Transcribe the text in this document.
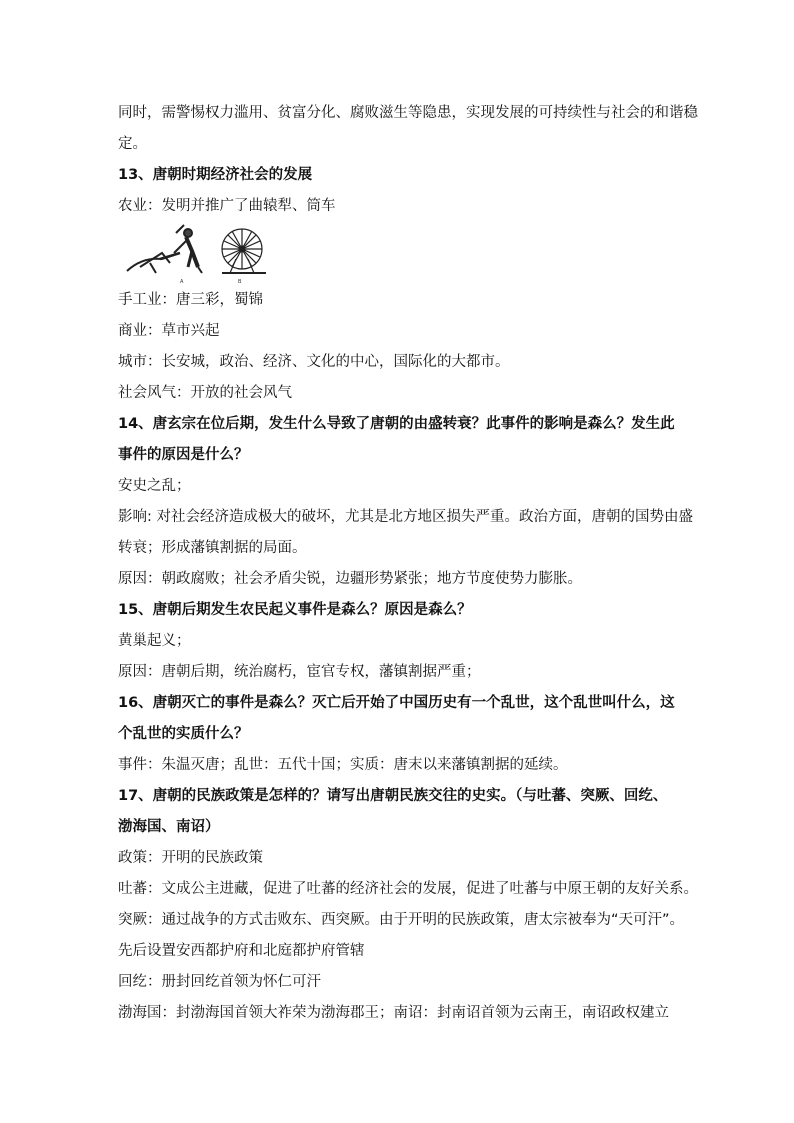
同时，需警惕权力滥用、贫富分化、腐败滋生等隐患，实现发展的可持续性与社会的和谐稳
定。
13、唐朝时期经济社会的发展
农业：发明并推广了曲辕犁、筒车
A	B
手工业：唐三彩，蜀锦
商业：草市兴起
城市：长安城，政治、经济、文化的中心，国际化的大都市。
社会风气：开放的社会风气
14、唐玄宗在位后期，发生什么导致了唐朝的由盛转衰？此事件的影响是森么？发生此
事件的原因是什么？
安史之乱；
影响: 对社会经济造成极大的破坏，尤其是北方地区损失严重。政治方面，唐朝的国势由盛
转衰；形成藩镇割据的局面。
原因：朝政腐败；社会矛盾尖锐，边疆形势紧张；地方节度使势力膨胀。
15、唐朝后期发生农民起义事件是森么？原因是森么？
黄巢起义；
原因：唐朝后期，统治腐朽，宦官专权，藩镇割据严重；
16、唐朝灭亡的事件是森么？灭亡后开始了中国历史有一个乱世，这个乱世叫什么，这
个乱世的实质什么？
事件：朱温灭唐；乱世：五代十国；实质：唐末以来藩镇割据的延续。
17、唐朝的民族政策是怎样的？请写出唐朝民族交往的史实。（与吐蕃、突厥、回纥、
渤海国、南诏）
政策：开明的民族政策
吐蕃：文成公主进藏，促进了吐蕃的经济社会的发展，促进了吐蕃与中原王朝的友好关系。
突厥：通过战争的方式击败东、西突厥。由于开明的民族政策，唐太宗被奉为“天可汗”。
先后设置安西都护府和北庭都护府管辖
回纥：册封回纥首领为怀仁可汗
渤海国：封渤海国首领大祚荣为渤海郡王；南诏：封南诏首领为云南王，南诏政权建立
